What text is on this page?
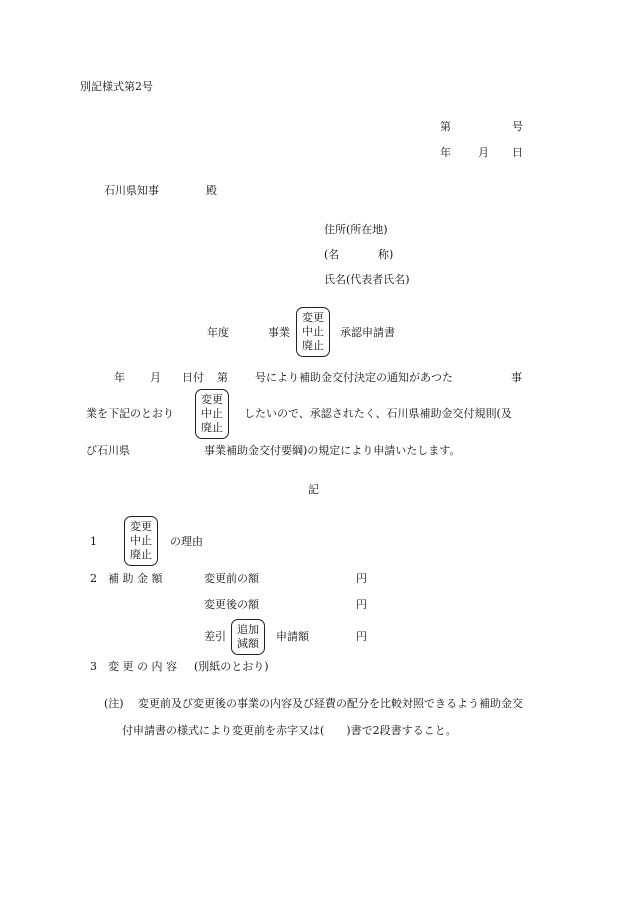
別記様式第2号
第	号
年 月 日
石川県知事	殿
住所(所在地)
(名	称)
氏名(代表者氏名)
年度	事業
変更
中止
廃止
承認申請書
年 月 日付 第 号により補助金交付決定の通知があつた	事
業を下記のとおり
変更
中止
廃止
したいので、承認されたく、石川県補助金交付規則(及
び石川県	事業補助金交付要綱)の規定により申請いたします。
記
1
変更
中止
廃止
の理由
2 補 助 金 額	変更前の額	円
変更後の額	円
差引
追加
減額
申請額	円
3 変 更 の 内 容 (別紙のとおり)
(注) 変更前及び変更後の事業の内容及び経費の配分を比較対照できるよう補助金交
付申請書の様式により変更前を赤字又は(　　)書で2段書すること。
